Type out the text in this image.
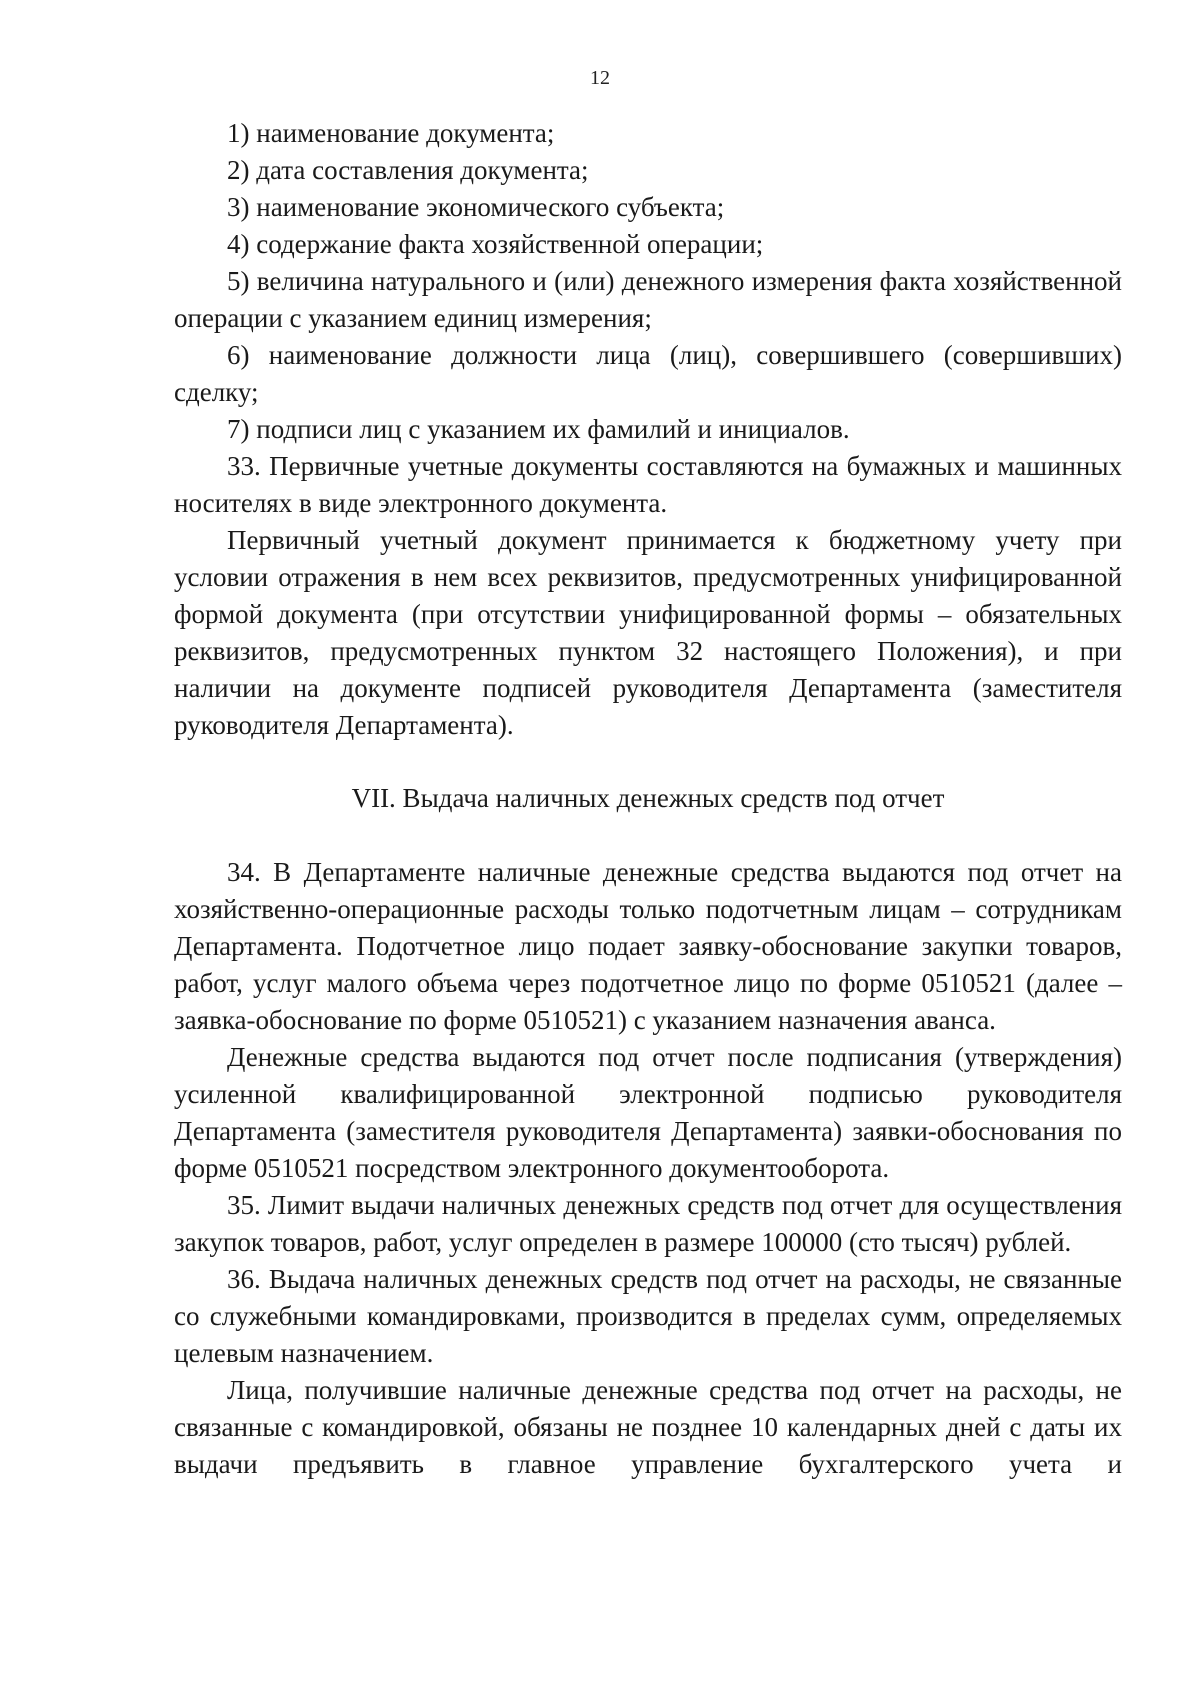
12

1) наименование документа;

2) дата составления документа;

3) наименование экономического субъекта;

4) содержание факта хозяйственной операции;

5) величина натурального и (или) денежного измерения факта хозяйственной операции с указанием единиц измерения;

6) наименование должности лица (лиц), совершившего (совершивших) сделку;

7) подписи лиц с указанием их фамилий и инициалов.

33. Первичные учетные документы составляются на бумажных и машинных носителях в виде электронного документа.

Первичный учетный документ принимается к бюджетному учету при условии отражения в нем всех реквизитов, предусмотренных унифицированной формой документа (при отсутствии унифицированной формы – обязательных реквизитов, предусмотренных пунктом 32 настоящего Положения), и при наличии на документе подписей руководителя Департамента (заместителя руководителя Департамента).

VII. Выдача наличных денежных средств под отчет

34. В Департаменте наличные денежные средства выдаются под отчет на хозяйственно-операционные расходы только подотчетным лицам – сотрудникам Департамента. Подотчетное лицо подает заявку-обоснование закупки товаров, работ, услуг малого объема через подотчетное лицо по форме 0510521 (далее – заявка-обоснование по форме 0510521) с указанием назначения аванса.

Денежные средства выдаются под отчет после подписания (утверждения) усиленной квалифицированной электронной подписью руководителя Департамента (заместителя руководителя Департамента) заявки-обоснования по форме 0510521 посредством электронного документооборота.

35. Лимит выдачи наличных денежных средств под отчет для осуществления закупок товаров, работ, услуг определен в размере 100000 (сто тысяч) рублей.

36. Выдача наличных денежных средств под отчет на расходы, не связанные со служебными командировками, производится в пределах сумм, определяемых целевым назначением.

Лица, получившие наличные денежные средства под отчет на расходы, не связанные с командировкой, обязаны не позднее 10 календарных дней с даты их выдачи предъявить в главное управление бухгалтерского учета и
